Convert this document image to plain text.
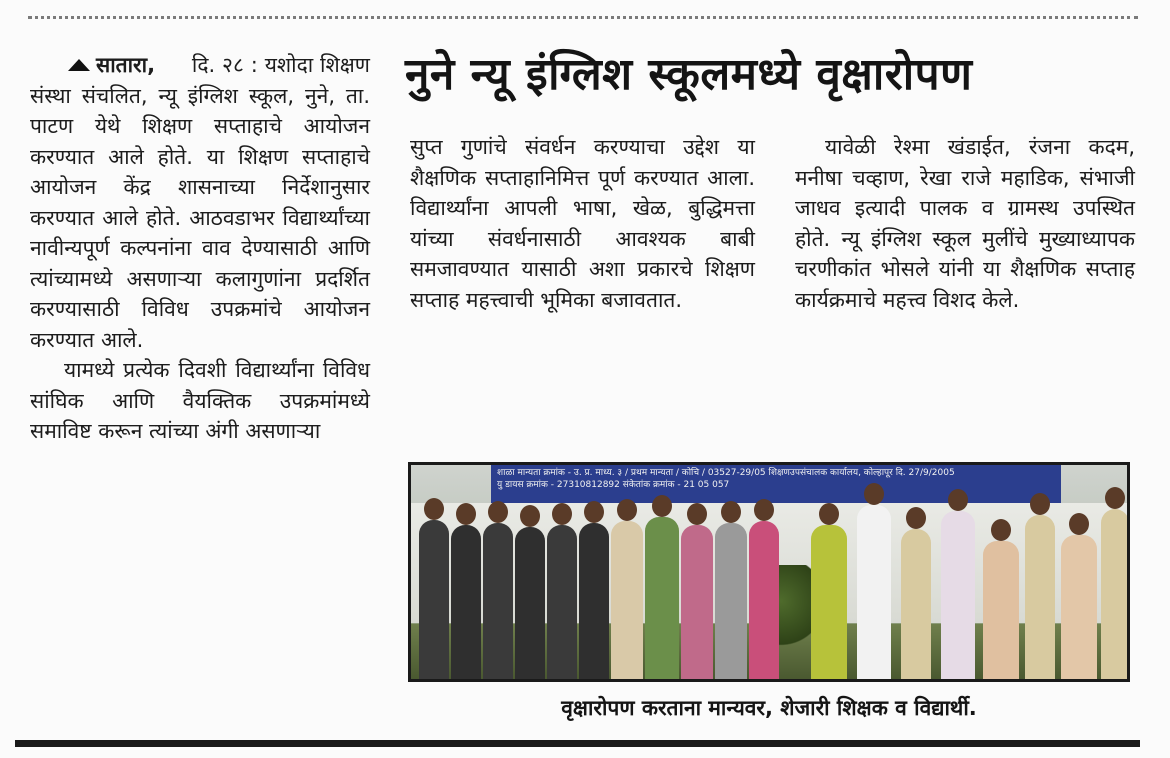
नुने न्यू इंग्लिश स्कूलमध्ये वृक्षारोपण

सातारा, दि. २८ : यशोदा शिक्षण संस्था संचलित, न्यू इंग्लिश स्कूल, नुने, ता. पाटण येथे शिक्षण सप्ताहाचे आयोजन करण्यात आले होते. या शिक्षण सप्ताहाचे आयोजन केंद्र शासनाच्या निर्देशानुसार करण्यात आले होते. आठवडाभर विद्यार्थ्यांच्या नावीन्यपूर्ण कल्पनांना वाव देण्यासाठी आणि त्यांच्यामध्ये असणाऱ्या कलागुणांना प्रदर्शित करण्यासाठी विविध उपक्रमांचे आयोजन करण्यात आले.

यामध्ये प्रत्येक दिवशी विद्यार्थ्यांना विविध सांघिक आणि वैयक्तिक उपक्रमांमध्ये समाविष्ट करून त्यांच्या अंगी असणाऱ्या

सुप्त गुणांचे संवर्धन करण्याचा उद्देश या शैक्षणिक सप्ताहानिमित्त पूर्ण करण्यात आला. विद्यार्थ्यांना आपली भाषा, खेळ, बुद्धिमत्ता यांच्या संवर्धनासाठी आवश्यक बाबी समजावण्यात यासाठी अशा प्रकारचे शिक्षण सप्ताह महत्त्वाची भूमिका बजावतात.

यावेळी रेश्मा खंडाईत, रंजना कदम, मनीषा चव्हाण, रेखा राजे महाडिक, संभाजी जाधव इत्यादी पालक व ग्रामस्थ उपस्थित होते. न्यू इंग्लिश स्कूल मुलींचे मुख्याध्यापक चरणीकांत भोसले यांनी या शैक्षणिक सप्ताह कार्यक्रमाचे महत्त्व विशद केले.

शाळा मान्यता क्रमांक - उ. प्र. माध्य. ३ / प्रथम मान्यता / कोचि / 03527-29/05 शिक्षणउपसंचालक कार्यालय, कोल्हापूर दि. 27/9/2005
यु डायस क्रमांक - 27310812892 संकेतांक क्रमांक - 21 05 057
वृक्षारोपण करताना मान्यवर, शेजारी शिक्षक व विद्यार्थी.
